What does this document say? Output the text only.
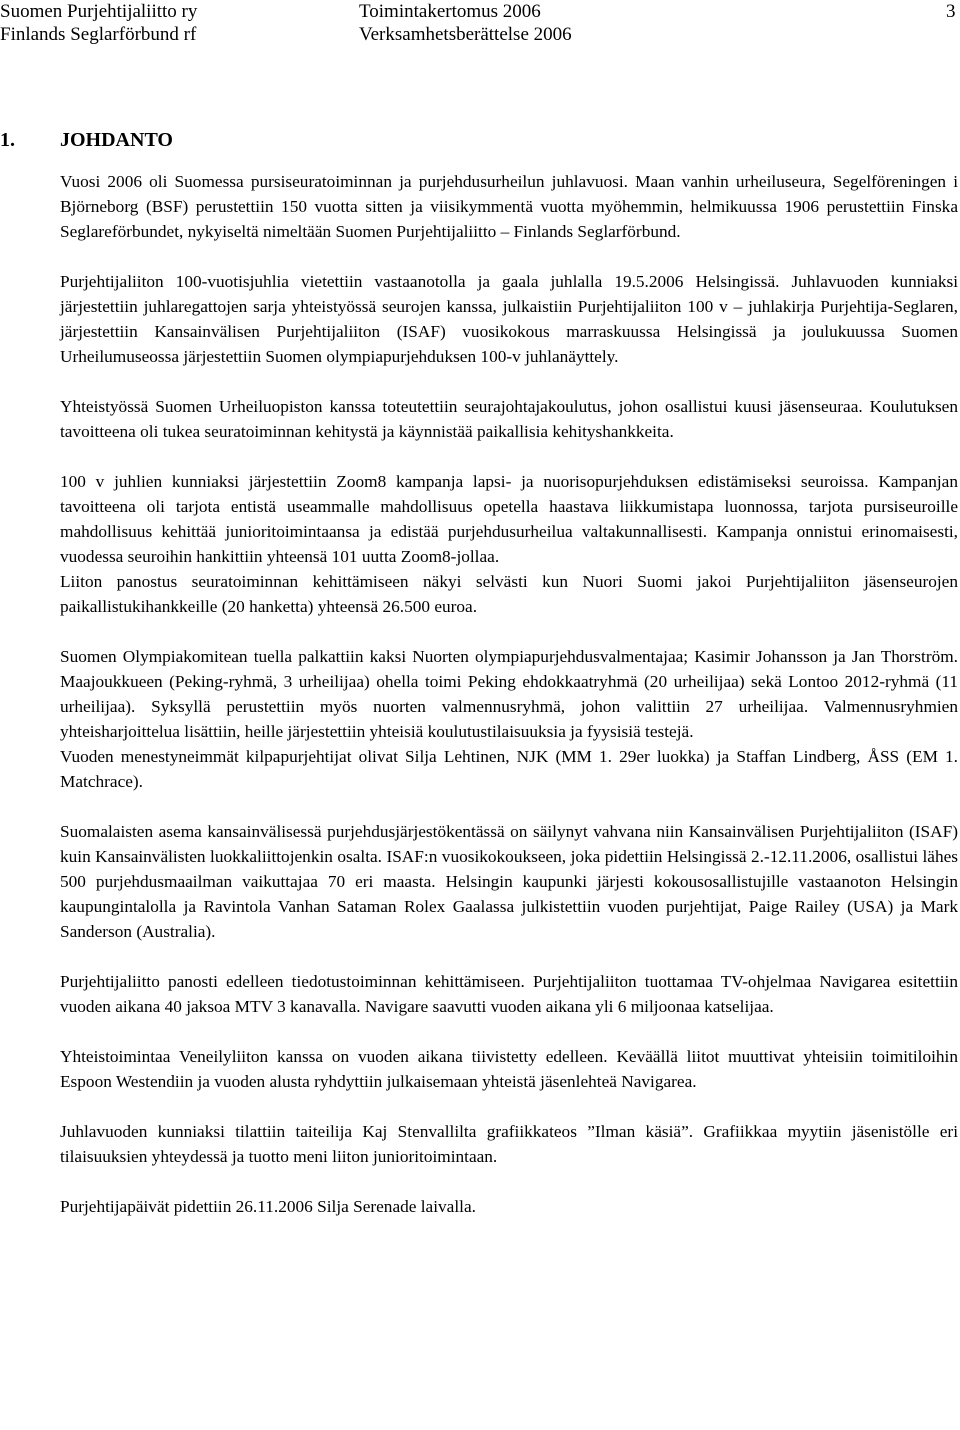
Suomen Purjehtijaliitto ry
Finlands Seglarförbund rf
Toimintakertomus 2006
Verksamhetsberättelse 2006
3
1. JOHDANTO

Vuosi 2006 oli Suomessa pursiseuratoiminnan ja purjehdusurheilun juhlavuosi. Maan vanhin urheiluseura, Segelföreningen i Björneborg (BSF) perustettiin 150 vuotta sitten ja viisikymmentä vuotta myöhemmin, helmikuussa 1906 perustettiin Finska Seglareförbundet, nykyiseltä nimeltään Suomen Purjehtijaliitto – Finlands Seglarförbund.

Purjehtijaliiton 100-vuotisjuhlia vietettiin vastaanotolla ja gaala juhlalla 19.5.2006 Helsingissä. Juhlavuoden kunniaksi järjestettiin juhlaregattojen sarja yhteistyössä seurojen kanssa, julkaistiin Purjehtijaliiton 100 v – juhlakirja Purjehtija-Seglaren, järjestettiin Kansainvälisen Purjehtijaliiton (ISAF) vuosikokous marraskuussa Helsingissä ja joulukuussa Suomen Urheilumuseossa järjestettiin Suomen olympiapurjehduksen 100-v juhlanäyttely.

Yhteistyössä Suomen Urheiluopiston kanssa toteutettiin seurajohtajakoulutus, johon osallistui kuusi jäsenseuraa. Koulutuksen tavoitteena oli tukea seuratoiminnan kehitystä ja käynnistää paikallisia kehityshankkeita.

100 v juhlien kunniaksi järjestettiin Zoom8 kampanja lapsi- ja nuorisopurjehduksen edistämiseksi seuroissa. Kampanjan tavoitteena oli tarjota entistä useammalle mahdollisuus opetella haastava liikkumistapa luonnossa, tarjota pursiseuroille mahdollisuus kehittää junioritoimintaansa ja edistää purjehdusurheilua valtakunnallisesti. Kampanja onnistui erinomaisesti, vuodessa seuroihin hankittiin yhteensä 101 uutta Zoom8-jollaa.

Liiton panostus seuratoiminnan kehittämiseen näkyi selvästi kun Nuori Suomi jakoi Purjehtijaliiton jäsenseurojen paikallistukihankkeille (20 hanketta) yhteensä 26.500 euroa.

Suomen Olympiakomitean tuella palkattiin kaksi Nuorten olympiapurjehdusvalmentajaa; Kasimir Johansson ja Jan Thorström. Maajoukkueen (Peking-ryhmä, 3 urheilijaa) ohella toimi Peking ehdokkaatryhmä (20 urheilijaa) sekä Lontoo 2012-ryhmä (11 urheilijaa). Syksyllä perustettiin myös nuorten valmennusryhmä, johon valittiin 27 urheilijaa. Valmennusryhmien yhteisharjoittelua lisättiin, heille järjestettiin yhteisiä koulutustilaisuuksia ja fyysisiä testejä.

Vuoden menestyneimmät kilpapurjehtijat olivat Silja Lehtinen, NJK (MM 1. 29er luokka) ja Staffan Lindberg, ÅSS (EM 1. Matchrace).

Suomalaisten asema kansainvälisessä purjehdusjärjestökentässä on säilynyt vahvana niin Kansainvälisen Purjehtijaliiton (ISAF) kuin Kansainvälisten luokkaliittojenkin osalta. ISAF:n vuosikokoukseen, joka pidettiin Helsingissä 2.-12.11.2006, osallistui lähes 500 purjehdusmaailman vaikuttajaa 70 eri maasta. Helsingin kaupunki järjesti kokousosallistujille vastaanoton Helsingin kaupungintalolla ja Ravintola Vanhan Sataman Rolex Gaalassa julkistettiin vuoden purjehtijat, Paige Railey (USA) ja Mark Sanderson (Australia).

Purjehtijaliitto panosti edelleen tiedotustoiminnan kehittämiseen. Purjehtijaliiton tuottamaa TV-ohjelmaa Navigarea esitettiin vuoden aikana 40 jaksoa MTV 3 kanavalla. Navigare saavutti vuoden aikana yli 6 miljoonaa katselijaa.

Yhteistoimintaa Veneilyliiton kanssa on vuoden aikana tiivistetty edelleen. Keväällä liitot muuttivat yhteisiin toimitiloihin Espoon Westendiin ja vuoden alusta ryhdyttiin julkaisemaan yhteistä jäsenlehteä Navigarea.

Juhlavuoden kunniaksi tilattiin taiteilija Kaj Stenvallilta grafiikkateos ”Ilman käsiä”. Grafiikkaa myytiin jäsenistölle eri tilaisuuksien yhteydessä ja tuotto meni liiton junioritoimintaan.

Purjehtijapäivät pidettiin 26.11.2006 Silja Serenade laivalla.
